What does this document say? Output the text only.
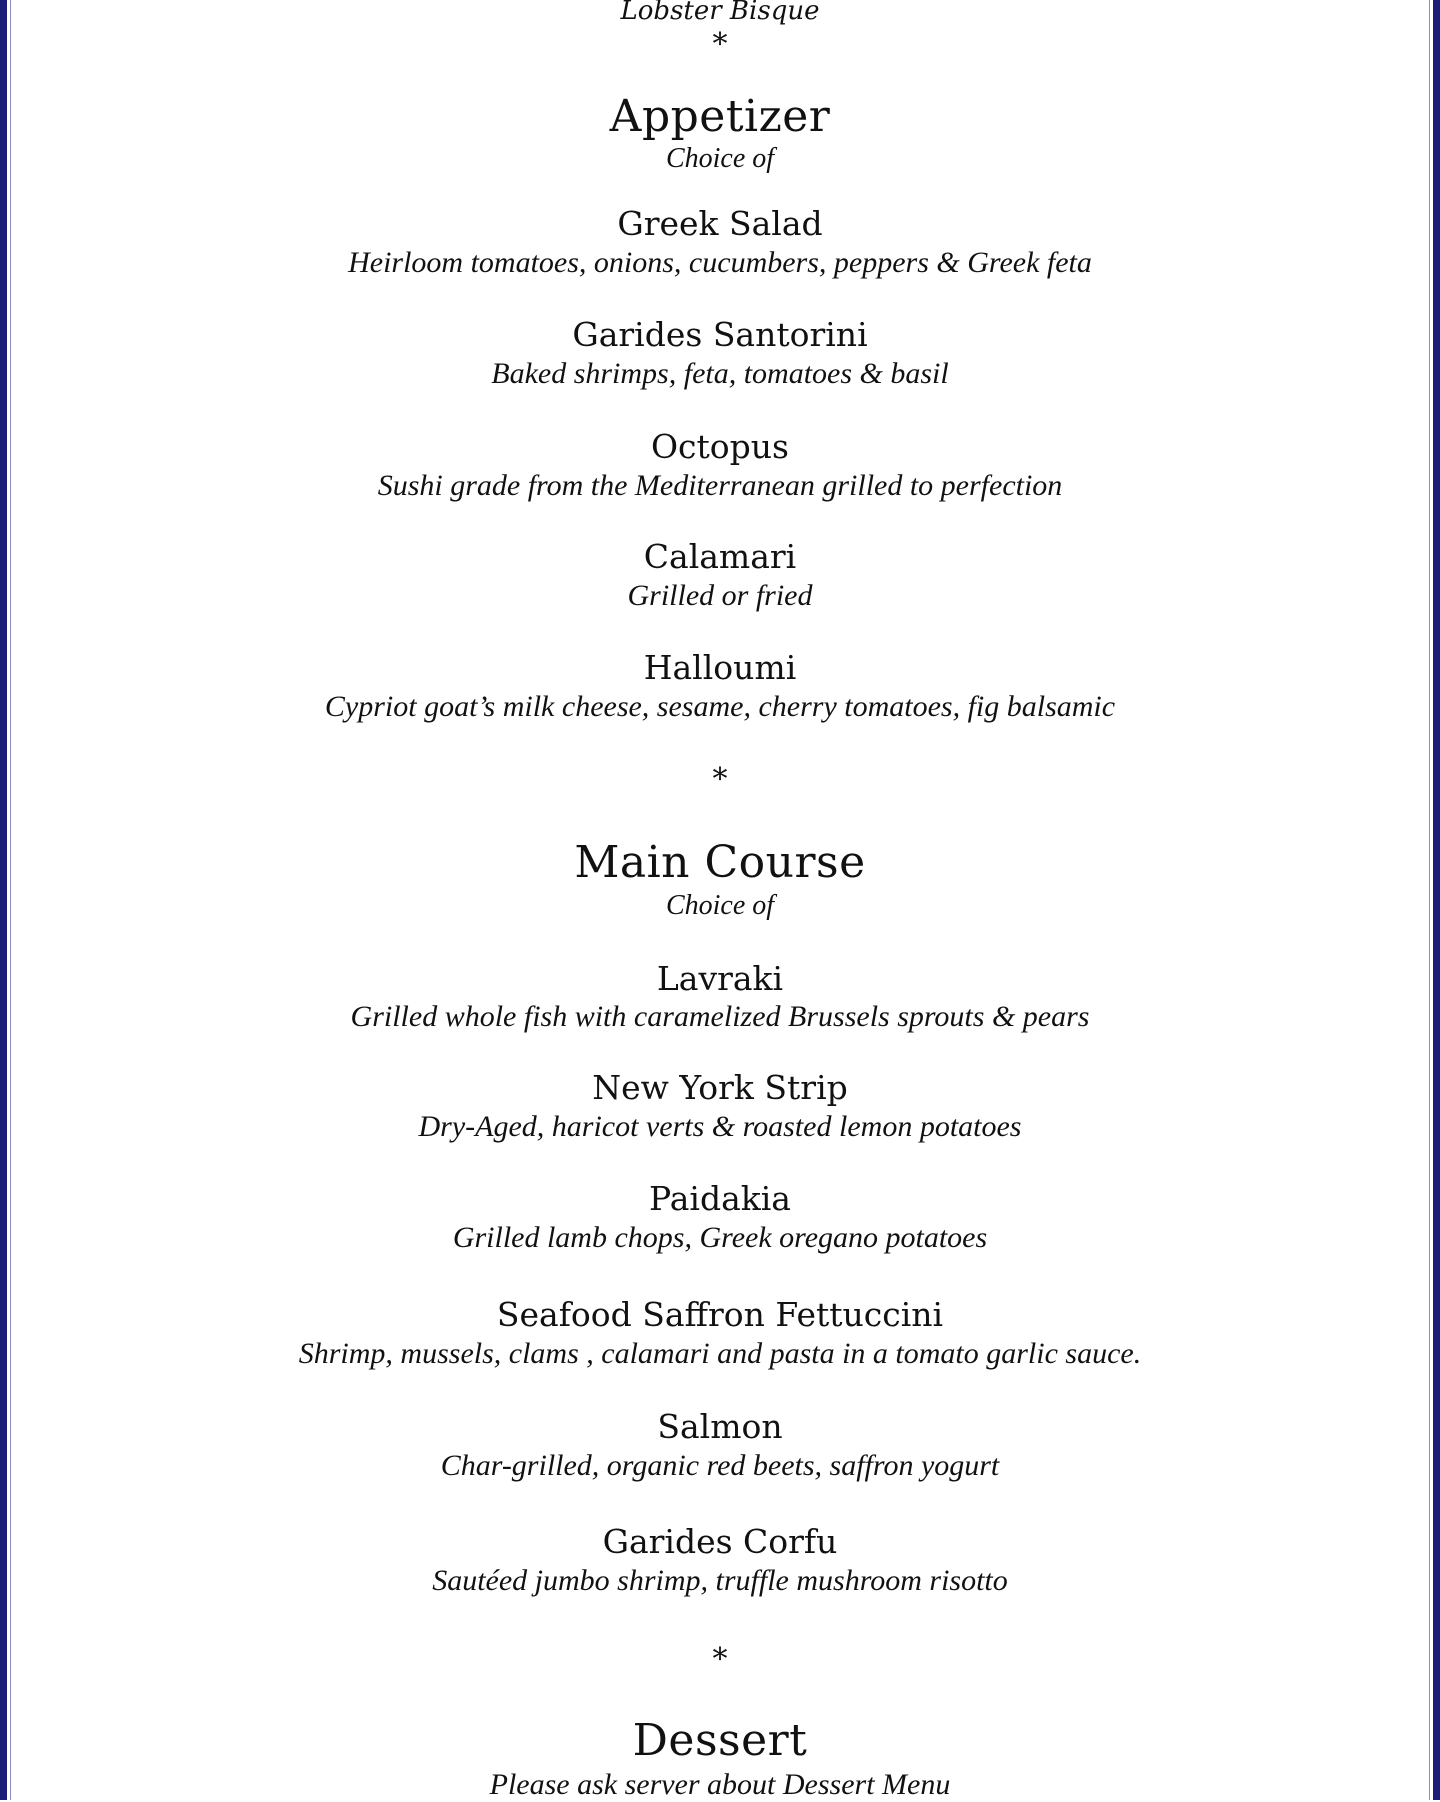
Lobster Bisque
*
Appetizer
Choice of
Greek Salad
Heirloom tomatoes, onions, cucumbers, peppers & Greek feta
Garides Santorini
Baked shrimps, feta, tomatoes & basil
Octopus
Sushi grade from the Mediterranean grilled to perfection
Calamari
Grilled or fried
Halloumi
Cypriot goat’s milk cheese, sesame, cherry tomatoes, fig balsamic
*
Main Course
Choice of
Lavraki
Grilled whole fish with caramelized Brussels sprouts & pears
New York Strip
Dry-Aged, haricot verts & roasted lemon potatoes
Paidakia
Grilled lamb chops, Greek oregano potatoes
Seafood Saffron Fettuccini
Shrimp, mussels, clams , calamari and pasta in a tomato garlic sauce.
Salmon
Char-grilled, organic red beets, saffron yogurt
Garides Corfu
Sautéed jumbo shrimp, truffle mushroom risotto
*
Dessert
Please ask server about Dessert Menu
